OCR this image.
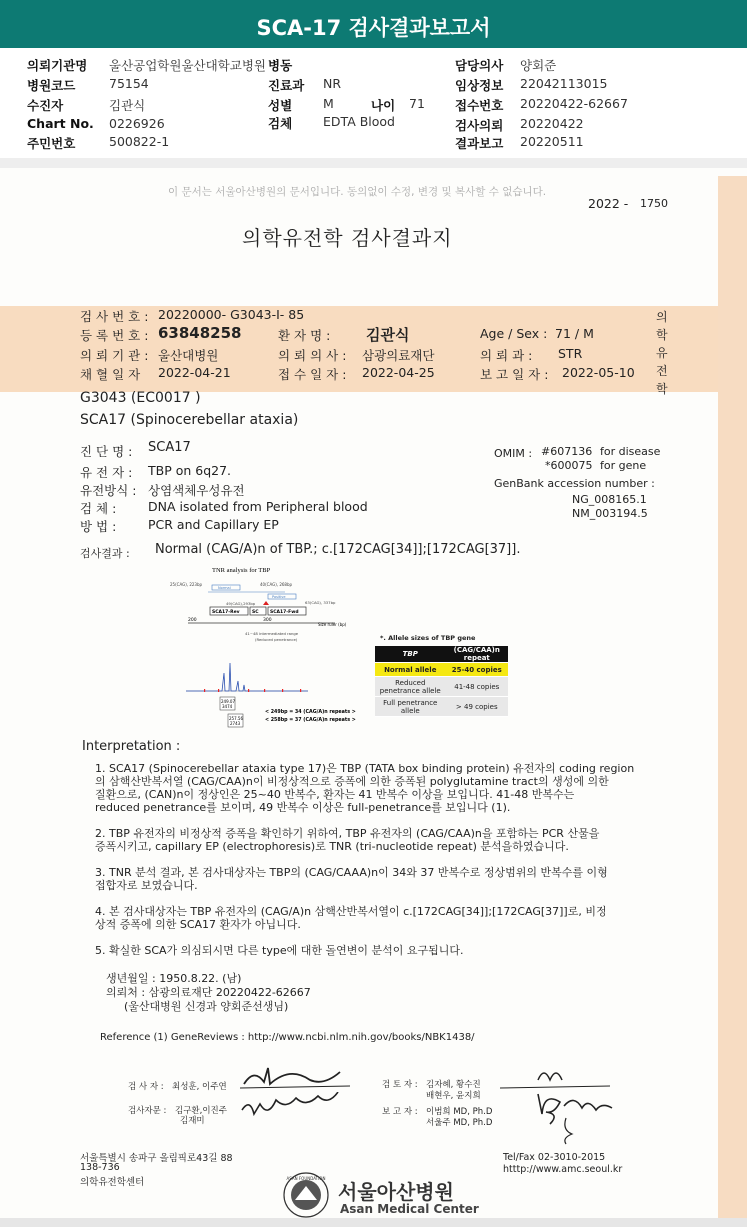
SCA-17 검사결과보고서
의뢰기관명 울산공업학원울산대학교병원
병원코드	75154
수진자	김관식
Chart No. 0226926
주민번호	500822-1
병동
진료과 NR
성별 M	나이 71
검체 EDTA Blood
담당의사 양회준
임상정보 22042113015
접수번호 20220422-62667
검사의뢰 20220422
결과보고 20220511
이 문서는 서울아산병원의 문서입니다. 동의없이 수정, 변경 및 복사할 수 없습니다.
2022 - 1750
의학유전학 검사결과지
의학유전학
검 사 번 호 : 20220000- G3043-I- 85
등 록 번 호 : 63848258	환 자 명 : 김관식	Age / Sex : 71 / M
의 뢰 기 관 : 울산대병원	의 뢰 의 사 : 삼광의료재단	의 뢰 과 : STR
채 혈 일 자 2022-04-21	접 수 일 자 : 2022-04-25	보 고 일 자 : 2022-05-10
G3043 (EC0017 )
SCA17 (Spinocerebellar ataxia)
진 단 명 : SCA17
유 전 자 : TBP on 6q27.
유전방식 : 상염색체우성유전
검 체 :	DNA isolated from Peripheral blood
방 법 :	PCR and Capillary EP
OMIM : #607136 for disease
*600075 for gene
GenBank accession number :
NG_008165.1
NM_003194.5
검사결과 : Normal (CAG/A)n of TBP.; c.[172CAG[34]];[172CAG[37]].
TNR analysis for TBP
25(CAG), 223bp	40(CAG), 268bp
Normal
Positive
49(CAG),293bp	63(CAG), 337bp
SCA17-Rev	SC	SCA17-Fwd
200	300
Size ruler (bp)
41~48 intermediated range
(Reduced penetrance)
249.07
3474
257.56
2743
< 249bp = 34 (CAG/A)n repeats >
< 258bp = 37 (CAG/A)n repeats >
*. Allele sizes of TBP gene
TBP	(CAG/CAA)n repeat
Normal allele	25-40 copies
Reduced penetrance allele	41-48 copies
Full penetrance allele	> 49 copies
Interpretation :
1. SCA17 (Spinocerebellar ataxia type 17)은 TBP (TATA box binding protein) 유전자의 coding region
의 삼핵산반복서열 (CAG/CAA)n이 비정상적으로 증폭에 의한 증폭된 polyglutamine tract의 생성에 의한
질환으로, (CAN)n이 정상인은 25~40 반복수, 환자는 41 반복수 이상을 보입니다. 41-48 반복수는
reduced penetrance를 보이며, 49 반복수 이상은 full-penetrance를 보입니다 (1).
2. TBP 유전자의 비정상적 증폭을 확인하기 위하여, TBP 유전자의 (CAG/CAA)n을 포함하는 PCR 산물을
증폭시키고, capillary EP (electrophoresis)로 TNR (tri-nucleotide repeat) 분석을하였습니다.
3. TNR 분석 결과, 본 검사대상자는 TBP의 (CAG/CAAA)n이 34와 37 반복수로 정상범위의 반복수를 이형
접합자로 보였습니다.
4. 본 검사대상자는 TBP 유전자의 (CAG/A)n 삼핵산반복서열이 c.[172CAG[34]];[172CAG[37]]로, 비정
상적 증폭에 의한 SCA17 환자가 아닙니다.
5. 확실한 SCA가 의심되시면 다른 type에 대한 돌연변이 분석이 요구됩니다.
생년월일 : 1950.8.22. (남)
의뢰처 : 삼광의료재단 20220422-62667
(울산대병원 신경과 양회준선생님)
Reference (1) GeneReviews : http://www.ncbi.nlm.nih.gov/books/NBK1438/
검 사 자 : 최성훈, 이주연
검사자문 : 김구환,이진주
김재미
검 토 자 : 김자혜, 황수진
배현우, 윤지희
보 고 자 : 이범희 MD, Ph.D
서울주 MD, Ph.D
서울특별시 송파구 올림픽로43길 88
138-736
의학유전학센터
Tel/Fax 02-3010-2015
htttp://www.amc.seoul.kr
ASAN FOUNDATION
서울아산병원
Asan Medical Center
